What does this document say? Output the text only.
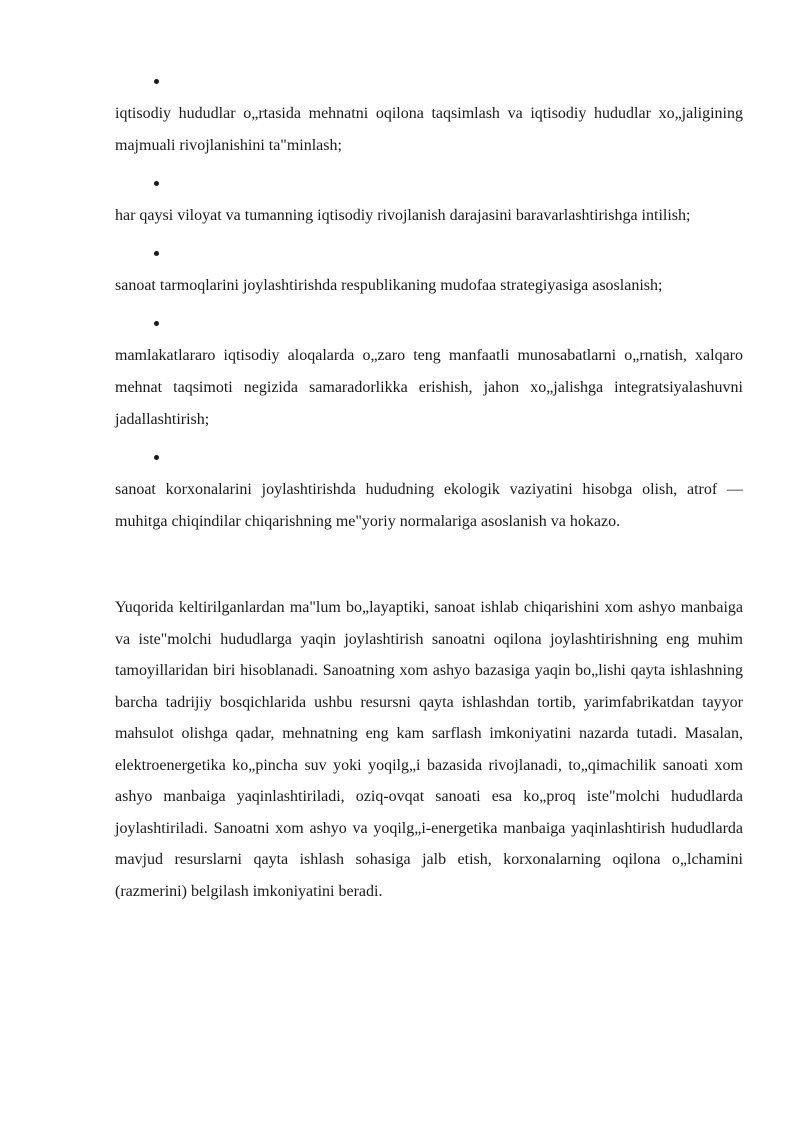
iqtisodiy hududlar o„rtasida mehnatni oqilona taqsimlash va iqtisodiy hududlar xo„jaligining majmuali rivojlanishini ta"minlash;

har qaysi viloyat va tumanning iqtisodiy rivojlanish darajasini baravarlashtirishga intilish;

sanoat tarmoqlarini joylashtirishda respublikaning mudofaa strategiyasiga asoslanish;

mamlakatlararo iqtisodiy aloqalarda o„zaro teng manfaatli munosabatlarni o„rnatish, xalqaro mehnat taqsimoti negizida samaradorlikka erishish, jahon xo„jalishga integratsiyalashuvni jadallashtirish;

sanoat korxonalarini joylashtirishda hududning ekologik vaziyatini hisobga olish, atrof — muhitga chiqindilar chiqarishning me"yoriy normalariga asoslanish va hokazo.

Yuqorida keltirilganlardan ma"lum bo„layaptiki, sanoat ishlab chiqarishini xom ashyo manbaiga va iste"molchi hududlarga yaqin joylashtirish sanoatni oqilona joylashtirishning eng muhim tamoyillaridan biri hisoblanadi. Sanoatning xom ashyo bazasiga yaqin bo„lishi qayta ishlashning barcha tadrijiy bosqichlarida ushbu resursni qayta ishlashdan tortib, yarimfabrikatdan tayyor mahsulot olishga qadar, mehnatning eng kam sarflash imkoniyatini nazarda tutadi. Masalan, elektroenergetika ko„pincha suv yoki yoqilg„i bazasida rivojlanadi, to„qimachilik sanoati xom ashyo manbaiga yaqinlashtiriladi, oziq-ovqat sanoati esa ko„proq iste"molchi hududlarda joylashtiriladi. Sanoatni xom ashyo va yoqilg„i-energetika manbaiga yaqinlashtirish hududlarda mavjud resurslarni qayta ishlash sohasiga jalb etish, korxonalarning oqilona o„lchamini (razmerini) belgilash imkoniyatini beradi.
